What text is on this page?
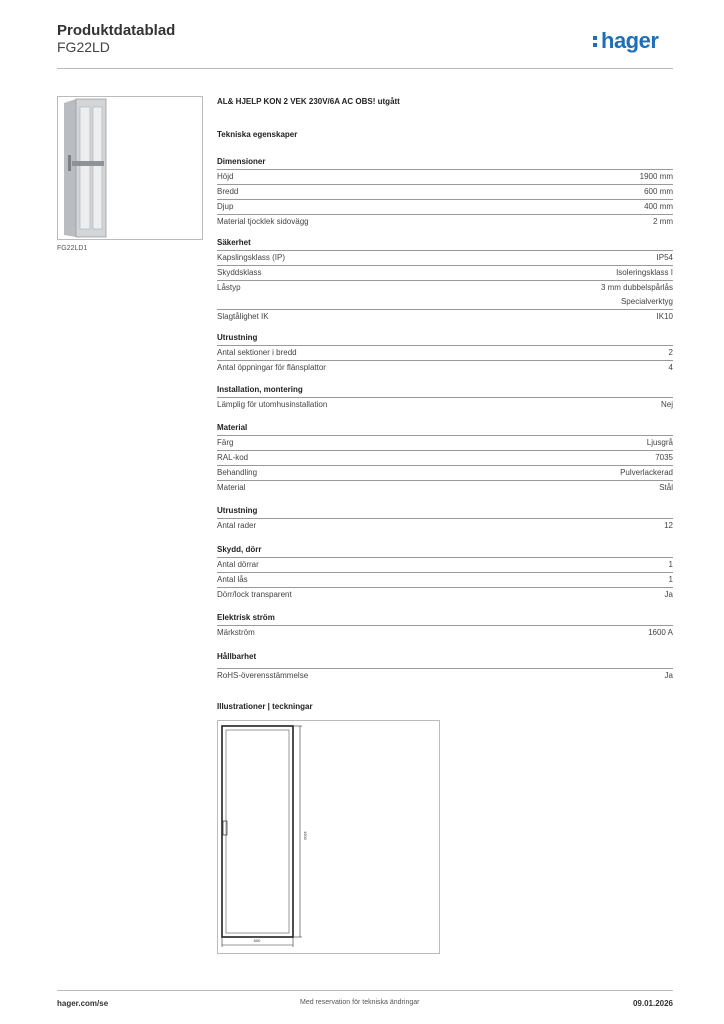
Produktdatablad
FG22LD	hager
FG22LD1
AL& HJELP KON 2 VEK 230V/6A AC OBS! utgått
Tekniska egenskaper
Dimensioner
Höjd	1900 mm
Bredd	600 mm
Djup	400 mm
Material tjocklek sidovägg	2 mm
Säkerhet
Kapslingsklass (IP)	IP54
Skyddsklass	Isoleringsklass I
Låstyp	3 mm dubbelspårlås
Specialverktyg
Slagtålighet IK	IK10
Utrustning
Antal sektioner i bredd	2
Antal öppningar för flänsplattor	4
Installation, montering
Lämplig för utomhusinstallation	Nej
Material
Färg	Ljusgrå
RAL-kod	7035
Behandling	Pulverlackerad
Material	Stål
Utrustning
Antal rader	12
Skydd, dörr
Antal dörrar	1
Antal lås	1
Dörr/lock transparent	Ja
Elektrisk ström
Märkström	1600 A
Hållbarhet
RoHS-överensstämmelse	Ja
Illustrationer | teckningar
600
1900
hager.com/se	Med reservation för tekniska ändringar	09.01.2026
